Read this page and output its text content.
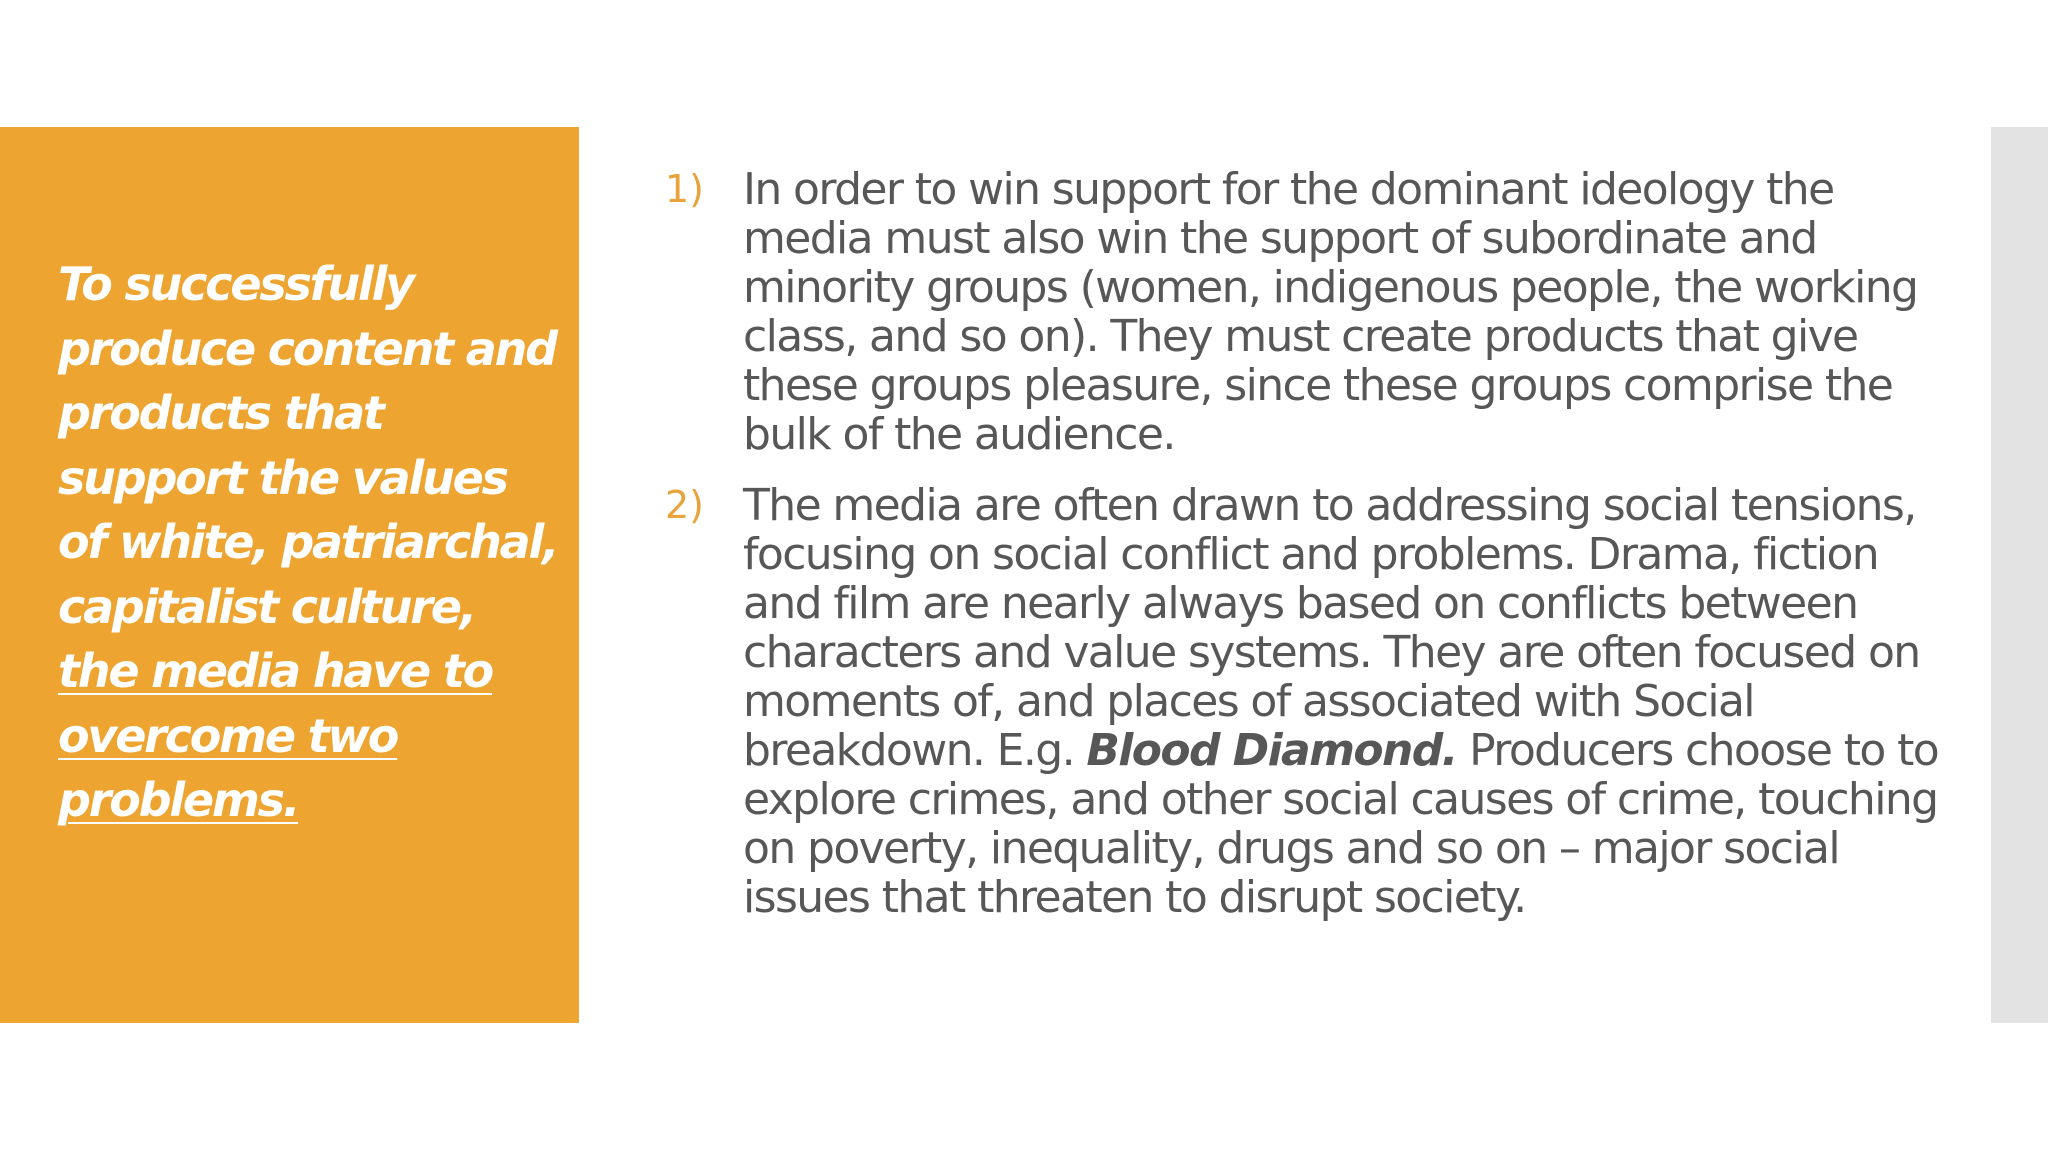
To successfully produce content and products that support the values of white, patriarchal, capitalist culture, the media have to overcome two problems.

1) In order to win support for the dominant ideology the media must also win the support of subordinate and minority groups (women, indigenous people, the working class, and so on). They must create products that give these groups pleasure, since these groups comprise the bulk of the audience.
2) The media are often drawn to addressing social tensions, focusing on social conflict and problems. Drama, fiction and film are nearly always based on conflicts between characters and value systems. They are often focused on moments of, and places of associated with Social breakdown. E.g. Blood Diamond. Producers choose to to explore crimes, and other social causes of crime, touching on poverty, inequality, drugs and so on – major social issues that threaten to disrupt society.
